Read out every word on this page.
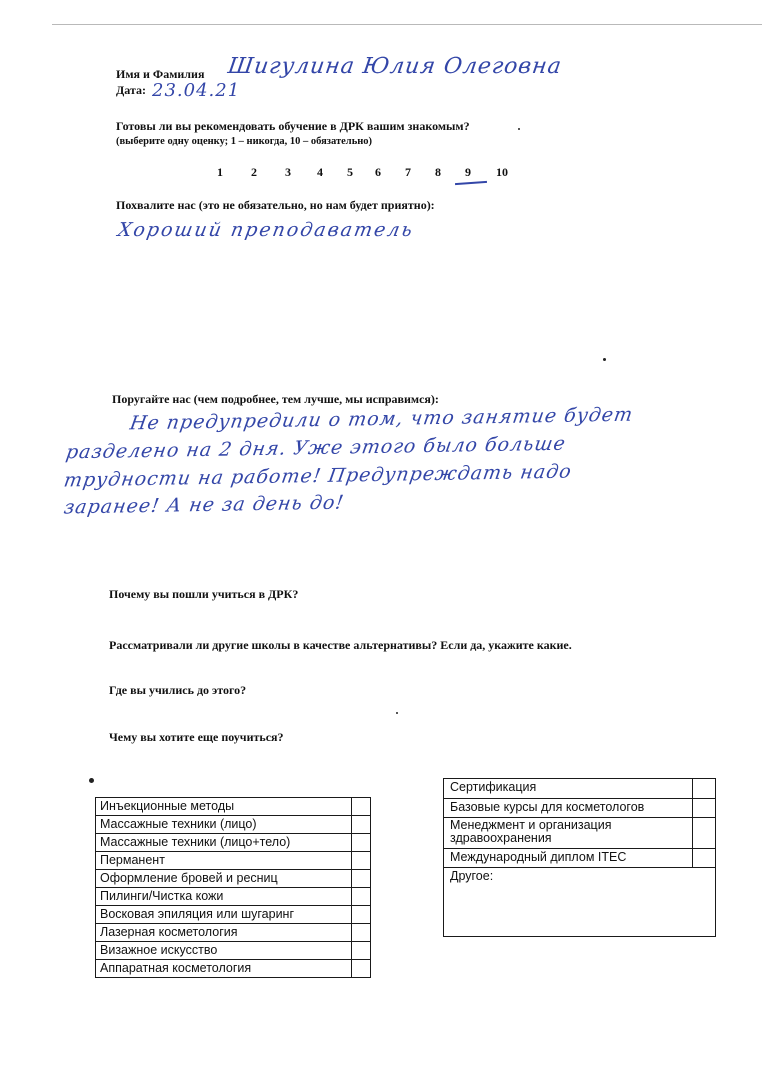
Имя и Фамилия Шигулина Юлия Олеговна
Дата: 23.04.21
Готовы ли вы рекомендовать обучение в ДРК вашим знакомым?
(выберите одну оценку; 1 – никогда, 10 – обязательно)
1 2 3 4 5 6 7 8 9 10
Похвалите нас (это не обязательно, но нам будет приятно):
Хороший преподаватель
Поругайте нас (чем подробнее, тем лучше, мы исправимся):
Не предупредили о том, что занятие будет
разделено на 2 дня. Уже этого было больше
трудности на работе! Предупреждать надо
заранее! А не за день до!
Почему вы пошли учиться в ДРК?
Рассматривали ли другие школы в качестве альтернативы? Если да, укажите какие.
Где вы учились до этого?
Чему вы хотите еще поучиться?
Инъекционные методы	
Массажные техники (лицо)	
Массажные техники (лицо+тело)	
Перманент	
Оформление бровей и ресниц	
Пилинги/Чистка кожи	
Восковая эпиляция или шугаринг	
Лазерная косметология	
Визажное искусство	
Аппаратная косметология	
Сертификация
Базовые курсы для косметологов
Менеджмент и организация здравоохранения
Международный диплом ITEC
Другое:
